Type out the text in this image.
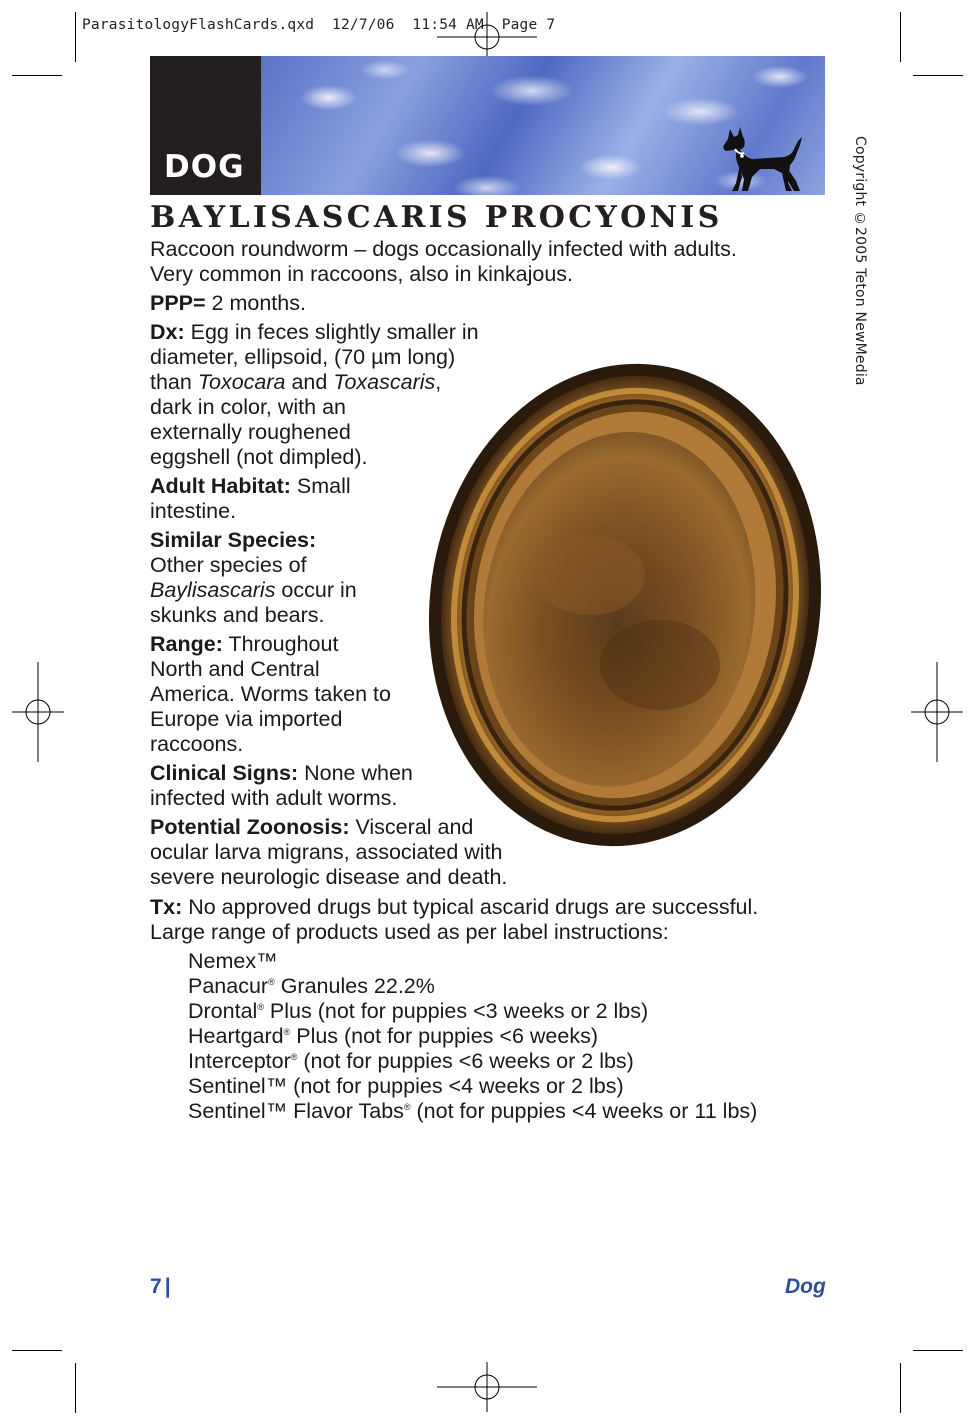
ParasitologyFlashCards.qxd  12/7/06  11:54 AM  Page 7
DOG
BAYLISASCARIS PROCYONIS	Copyright ©2005 Teton NewMedia
Raccoon roundworm – dogs occasionally infected with adults.
Very common in raccoons, also in kinkajous.
PPP= 2 months.
Dx: Egg in feces slightly smaller in
diameter, ellipsoid, (70 µm long)
than Toxocara and Toxascaris,
dark in color, with an
externally roughened
eggshell (not dimpled).
Adult Habitat: Small
intestine.
Similar Species:
Other species of
Baylisascaris occur in
skunks and bears.
Range: Throughout
North and Central
America. Worms taken to
Europe via imported
raccoons.
Clinical Signs: None when
infected with adult worms.
Potential Zoonosis: Visceral and
ocular larva migrans, associated with
severe neurologic disease and death.
Tx: No approved drugs but typical ascarid drugs are successful.
Large range of products used as per label instructions:
Nemex™
Panacur® Granules 22.2%
Drontal® Plus (not for puppies <3 weeks or 2 lbs)
Heartgard® Plus (not for puppies <6 weeks)
Interceptor® (not for puppies <6 weeks or 2 lbs)
Sentinel™ (not for puppies <4 weeks or 2 lbs)
Sentinel™ Flavor Tabs® (not for puppies <4 weeks or 11 lbs)
7 |	Dog
